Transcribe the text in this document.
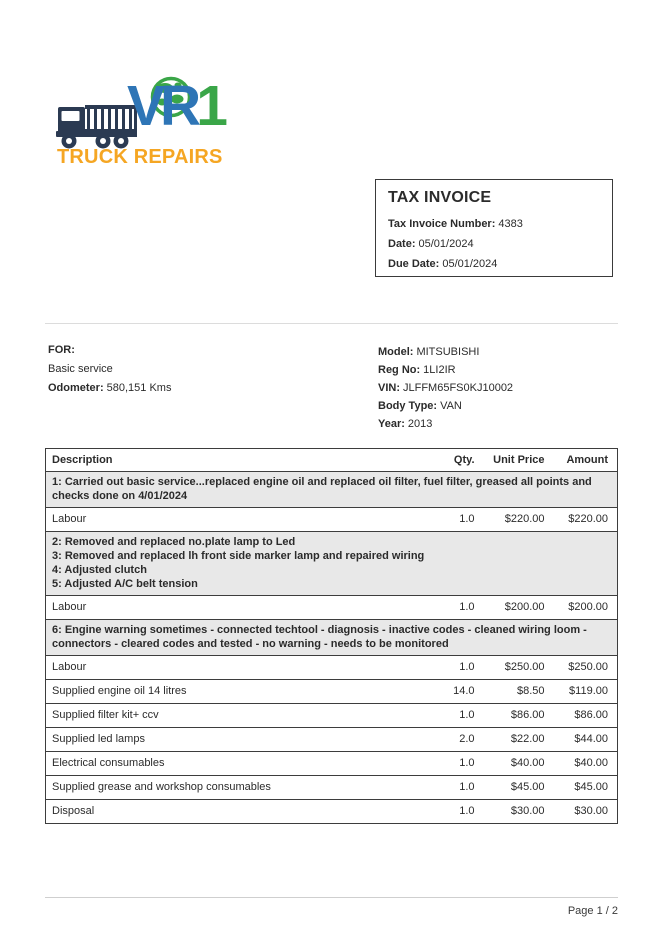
VR1
TRUCK REPAIRS
TAX INVOICE
Tax Invoice Number: 4383
Date: 05/01/2024
Due Date: 05/01/2024
FOR:
Basic service
Odometer: 580,151 Kms
Model: MITSUBISHI
Reg No: 1LI2IR
VIN: JLFFM65FS0KJ10002
Body Type: VAN
Year: 2013
Description	Qty.	Unit Price	Amount

1: Carried out basic service...replaced engine oil and replaced oil filter, fuel filter, greased all points and checks done on 4/01/2024			

Labour	1.0	$220.00	$220.00

2: Removed and replaced no.plate lamp to Led
3: Removed and replaced lh front side marker lamp and repaired wiring
4: Adjusted clutch
5: Adjusted A/C belt tension			

Labour	1.0	$200.00	$200.00

6: Engine warning sometimes - connected techtool - diagnosis - inactive codes - cleaned wiring loom - connectors - cleared codes and tested - no warning - needs to be monitored			

Labour	1.0	$250.00	$250.00
Supplied engine oil 14 litres	14.0	$8.50	$119.00
Supplied filter kit+ ccv	1.0	$86.00	$86.00
Supplied led lamps	2.0	$22.00	$44.00
Electrical consumables	1.0	$40.00	$40.00
Supplied grease and workshop consumables	1.0	$45.00	$45.00
Disposal	1.0	$30.00	$30.00
Page 1 / 2
